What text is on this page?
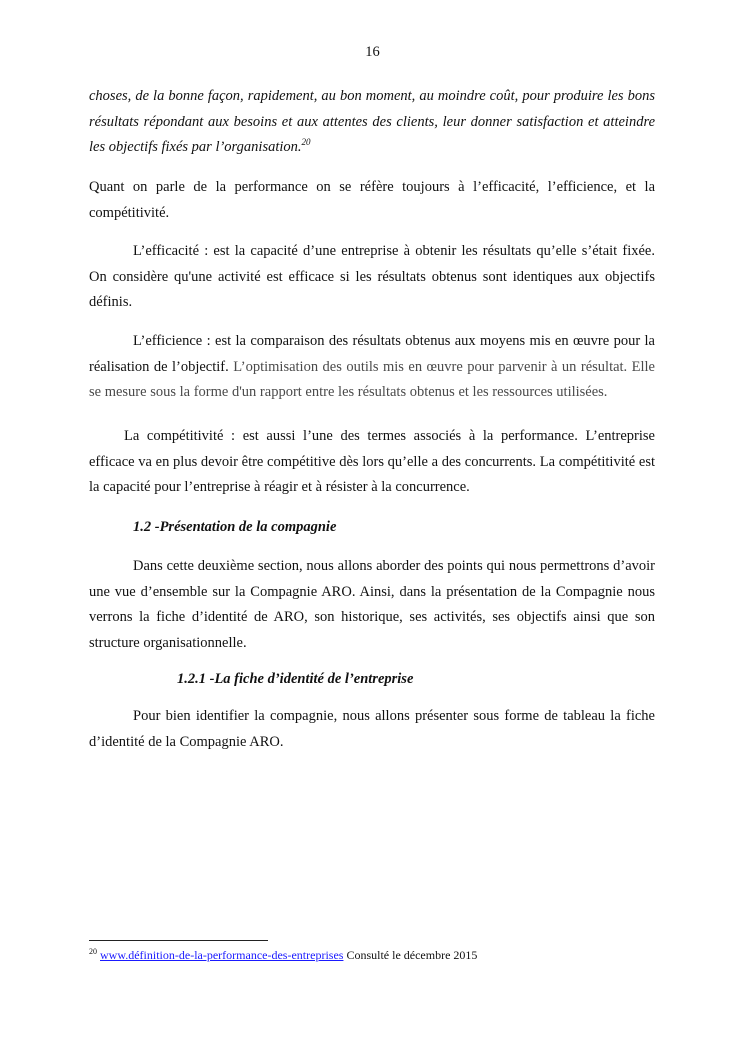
16

choses, de la bonne façon, rapidement, au bon moment, au moindre coût, pour produire les bons résultats répondant aux besoins et aux attentes des clients, leur donner satisfaction et atteindre les objectifs fixés par l’organisation.$^{20}$

Quant on parle de la performance on se réfère toujours à l’efficacité, l’efficience, et la compétitivité.

L’efficacité : est la capacité d’une entreprise à obtenir les résultats qu’elle s’était fixée. On considère qu'une activité est efficace si les résultats obtenus sont identiques aux objectifs définis.

L’efficience : est la comparaison des résultats obtenus aux moyens mis en œuvre pour la réalisation de l’objectif. L’optimisation des outils mis en œuvre pour parvenir à un résultat. Elle se mesure sous la forme d'un rapport entre les résultats obtenus et les ressources utilisées.

La compétitivité : est aussi l’une des termes associés à la performance. L’entreprise efficace va en plus devoir être compétitive dès lors qu’elle a des concurrents. La compétitivité est la capacité pour l’entreprise à réagir et à résister à la concurrence.

1.2 -Présentation de la compagnie

Dans cette deuxième section, nous allons aborder des points qui nous permettrons d’avoir une vue d’ensemble sur la Compagnie ARO. Ainsi, dans la présentation de la Compagnie nous verrons la fiche d’identité de ARO, son historique, ses activités, ses objectifs ainsi que son structure organisationnelle.

1.2.1 -La fiche d’identité de l’entreprise

Pour bien identifier la compagnie, nous allons présenter sous forme de tableau la fiche d’identité de la Compagnie ARO.

$^{20}$ www.définition-de-la-performance-des-entreprises Consulté le décembre 2015
